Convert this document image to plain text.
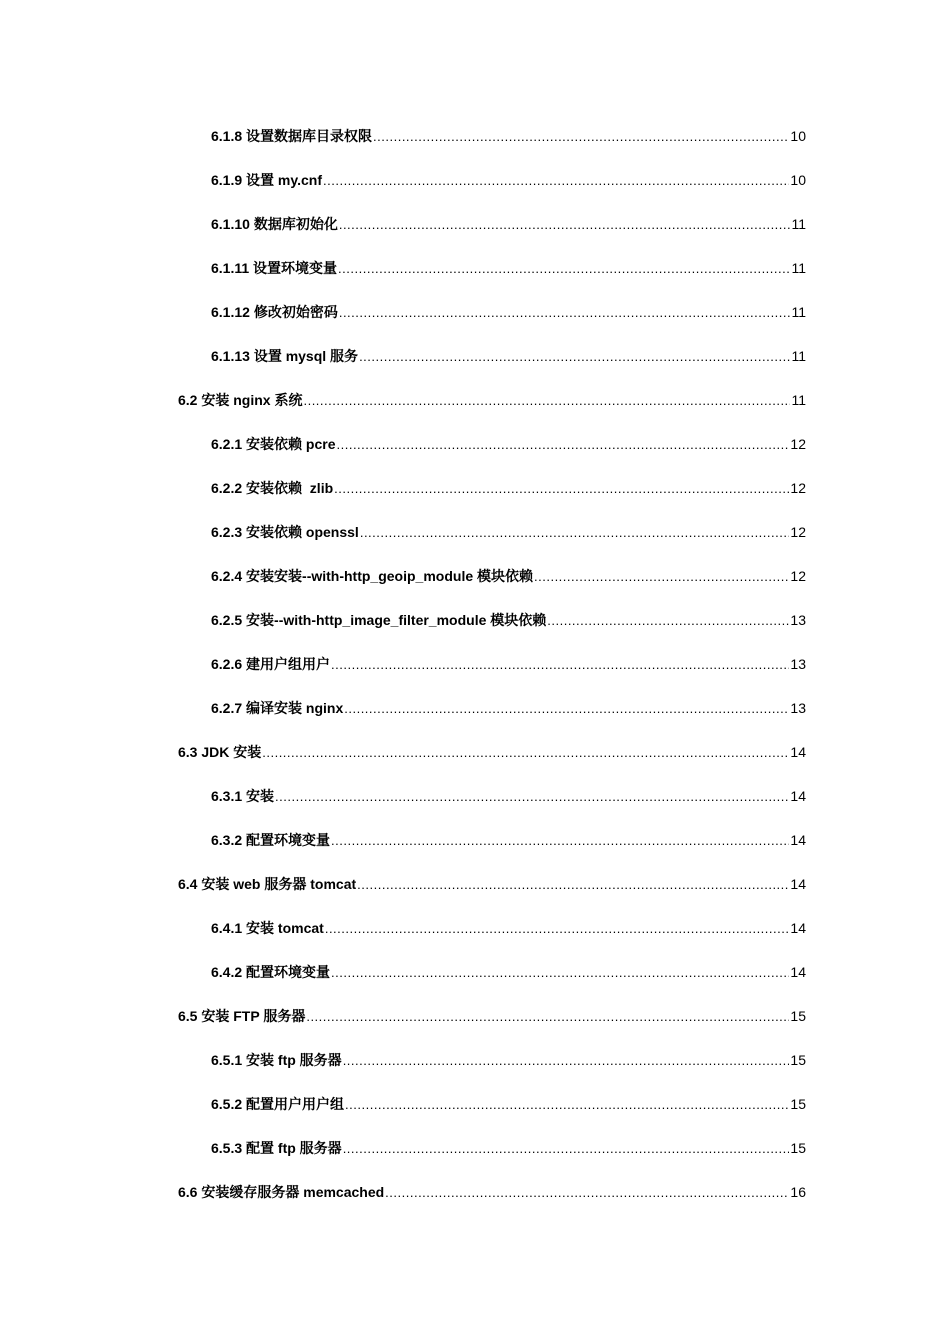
6.1.8 设置数据库目录权限 .....	10
6.1.9 设置 my.cnf .....	10
6.1.10 数据库初始化 .....	11
6.1.11 设置环境变量 .....	11
6.1.12 修改初始密码 .....	11
6.1.13 设置 mysql 服务 .....	11
6.2 安装 nginx 系统 .....	11
6.2.1 安装依赖 pcre .....	12
6.2.2 安装依赖  zlib .....	12
6.2.3 安装依赖 openssl .....	12
6.2.4 安装安装--with-http_geoip_module 模块依赖 .....	12
6.2.5 安装--with-http_image_filter_module 模块依赖 .....	13
6.2.6 建用户组用户 .....	13
6.2.7 编译安装 nginx .....	13
6.3 JDK 安装 .....	14
6.3.1 安装 .....	14
6.3.2 配置环境变量 .....	14
6.4 安装 web 服务器 tomcat .....	14
6.4.1 安装 tomcat .....	14
6.4.2 配置环境变量 .....	14
6.5 安装 FTP 服务器 .....	15
6.5.1 安装 ftp 服务器 .....	15
6.5.2 配置用户用户组 .....	15
6.5.3 配置 ftp 服务器 .....	15
6.6 安装缓存服务器 memcached .....	16
